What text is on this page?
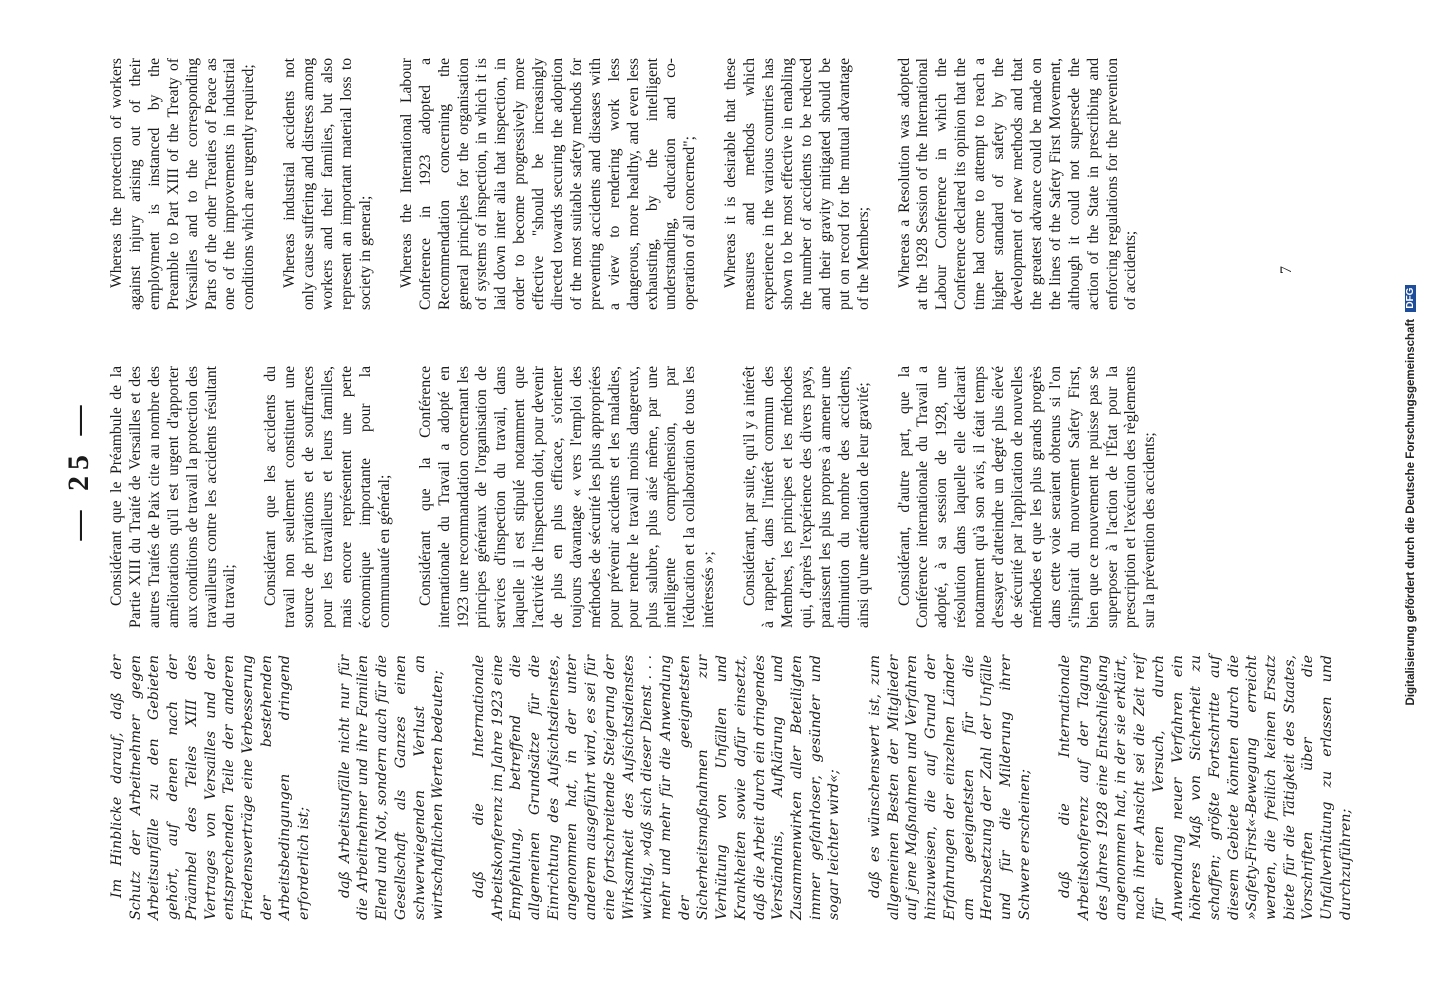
— 25 —

Im Hinblicke darauf, daß der Schutz der Arbeitnehmer gegen Arbeitsunfälle zu den Gebieten gehört, auf denen nach der Präambel des Teiles XIII des Vertrages von Versailles und der entsprechenden Teile der anderen Friedensverträge eine Verbesserung der bestehenden Arbeitsbedingungen dringend erforderlich ist; daß Arbeitsunfälle nicht nur für die Arbeitnehmer und ihre Familien Elend und Not, sondern auch für die Gesellschaft als Ganzes einen schwerwiegenden Verlust an wirtschaftlichen Werten bedeuten; daß die Internationale Arbeitskonferenz im Jahre 1923 eine Empfehlung, betreffend die allgemeinen Grundsätze für die Einrichtung des Aufsichtsdienstes, angenommen hat, in der unter anderem ausgeführt wird, es sei für eine fortschreitende Steigerung der Wirksamkeit des Aufsichtsdienstes wichtig, »daß sich dieser Dienst . . . mehr und mehr für die Anwendung der geeignetsten Sicherheitsmaßnahmen zur Verhütung von Unfällen und Krankheiten sowie dafür einsetzt, daß die Arbeit durch ein dringendes Verständnis, Aufklärung und Zusammenwirken aller Beteiligten immer gefahrloser, gesünder und sogar leichter wird«; daß es wünschenswert ist, zum allgemeinen Besten der Mitglieder auf jene Maßnahmen und Verfahren hinzuweisen, die auf Grund der Erfahrungen der einzelnen Länder am geeignetsten für die Herabsetzung der Zahl der Unfälle und für die Milderung ihrer Schwere erscheinen; daß die Internationale Arbeitskonferenz auf der Tagung des Jahres 1928 eine Entschließung angenommen hat, in der sie erklärt, nach ihrer Ansicht sei die Zeit reif für einen Versuch, durch Anwendung neuer Verfahren ein höheres Maß von Sicherheit zu schaffen; größte Fortschritte auf diesem Gebiete könnten durch die »Safety-First«-Bewegung erreicht werden, die freilich keinen Ersatz biete für die Tätigkeit des Staates, Vorschriften über die Unfallverhütung zu erlassen und durchzuführen;

Considérant que le Préambule de la Partie XIII du Traité de Versailles et des autres Traités de Paix cite au nombre des améliorations qu'il est urgent d'apporter aux conditions de travail la protection des travailleurs contre les accidents résultant du travail; Considérant que les accidents du travail non seulement constituent une source de privations et de souffrances pour les travailleurs et leurs familles, mais encore représentent une perte économique importante pour la communauté en général; Considérant que la Conférence internationale du Travail a adopté en 1923 une recommandation concernant les principes généraux de l'organisation de services d'inspection du travail, dans laquelle il est stipulé notamment que l'activité de l'inspection doit, pour devenir de plus en plus efficace, s'orienter toujours davantage « vers l'emploi des méthodes de sécurité les plus appropriées pour prévenir accidents et les maladies, pour rendre le travail moins dangereux, plus salubre, plus aisé même, par une intelligente compréhension, par l'éducation et la collaboration de tous les intéressés »; Considérant, par suite, qu'il y a intérêt à rappeler, dans l'intérêt commun des Membres, les principes et les méthodes qui, d'après l'expérience des divers pays, paraissent les plus propres à amener une diminution du nombre des accidents, ainsi qu'une atténuation de leur gravité; Considérant, d'autre part, que la Conférence internationale du Travail a adopté, à sa session de 1928, une résolution dans laquelle elle déclarait notamment qu'à son avis, il était temps d'essayer d'atteindre un degré plus élevé de sécurité par l'application de nouvelles méthodes et que les plus grands progrès dans cette voie seraient obtenus si l'on s'inspirait du mouvement Safety First, bien que ce mouvement ne puisse pas se superposer à l'action de l'État pour la prescription et l'exécution des règlements sur la prévention des accidents;

Whereas the protection of workers against injury arising out of their employment is instanced by the Preamble to Part XIII of the Treaty of Versailles and to the corresponding Parts of the other Treaties of Peace as one of the improvements in industrial conditions which are urgently required; Whereas industrial accidents not only cause suffering and distress among workers and their families, but also represent an important material loss to society in general; Whereas the International Labour Conference in 1923 adopted a Recommendation concerning the general principles for the organisation of systems of inspection, in which it is laid down inter alia that inspection, in order to become progressively more effective "should be increasingly directed towards securing the adoption of the most suitable safety methods for preventing accidents and diseases with a view to rendering work less dangerous, more healthy, and even less exhausting, by the intelligent understanding, education and co-operation of all concerned"; Whereas it is desirable that these measures and methods which experience in the various countries has shown to be most effective in enabling the number of accidents to be reduced and their gravity mitigated should be put on record for the mutual advantage of the Members; Whereas a Resolution was adopted at the 1928 Session of the International Labour Conference in which the Conference declared its opinion that the time had come to attempt to reach a higher standard of safety by the development of new methods and that the greatest advance could be made on the lines of the Safety First Movement, although it could not supersede the action of the State in prescribing and enforcing regulations for the prevention of accidents;	7
Digitalisierung gefördert durch die Deutsche Forschungsgemeinschaft DFG
